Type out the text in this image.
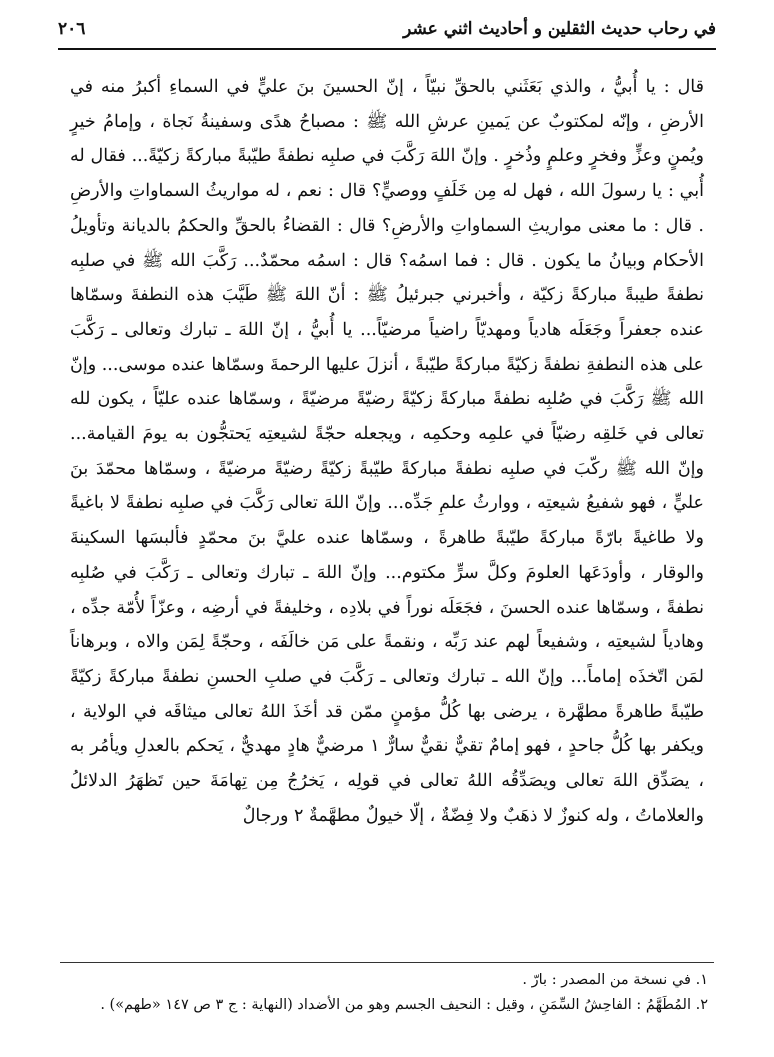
في رحاب حديث الثقلين و أحاديث اثني عشر
٢٠٦

قال : يا أُبيُّ ، والذي بَعَثَني بالحقِّ نبيّاً ، إنّ الحسينَ بنَ عليٍّ في السماءِ أكبرُ منه في الأرضِ ، وإنّه لمكتوبٌ عن يَمينِ عرشِ الله ﷺ : مصباحُ هدًى وسفينةُ نَجاة ، وإمامُ خيرٍ ويُمنٍ وعزٍّ وفخرٍ وعلمٍ وذُخرٍ . وإنّ اللهَ رَكَّبَ في صلبِه نطفةً طيّبةً مباركةً زكيّةً... فقال له أُبي : يا رسولَ الله ، فهل له مِن خَلَفٍ ووصيٍّ؟ قال : نعم ، له مواريثُ السماواتِ والأرضِ . قال : ما معنى مواريثِ السماواتِ والأرضِ؟ قال : القضاءُ بالحقِّ والحكمُ بالديانة وتأويلُ الأحكام وبيانُ ما يكون . قال : فما اسمُه؟ قال : اسمُه محمّدٌ... رَكَّبَ الله ﷺ في صلبِه نطفةً طيبةً مباركةً زكيّة ، وأخبرني جبرئيلُ ﷺ : أنّ اللهَ ﷺ طَيَّبَ هذه النطفةَ وسمّاها عنده جعفراً وجَعَلَه هادياً ومهديّاً راضياً مرضيّاً... يا أُبيُّ ، إنّ اللهَ ـ تبارك وتعالى ـ رَكَّبَ على هذه النطفةِ نطفةً زكيّةً مباركةً طيّبةً ، أنزلَ عليها الرحمةَ وسمّاها عنده موسى... وإنّ الله ﷺ رَكَّبَ في صُلبِه نطفةً مباركةً زكيّةً رضيّةً مرضيّةً ، وسمّاها عنده عليّاً ، يكون لله تعالى في خَلقِه رضيّاً في علمِه وحكمِه ، ويجعله حجّةً لشيعتِه يَحتجُّون به يومَ القيامة... وإنّ الله ﷺ ركّبَ في صلبِه نطفةً مباركةً طيّبةً زكيّةً رضيّةً مرضيّةً ، وسمّاها محمّدَ بنَ عليٍّ ، فهو شفيعُ شيعتِه ، ووارثُ علمِ جَدِّه... وإنّ اللهَ تعالى رَكَّبَ في صلبِه نطفةً لا باغيةً ولا طاغيةً بارّةً مباركةً طيّبةً طاهرةً ، وسمّاها عنده عليَّ بنَ محمّدٍ فألبسَها السكينةَ والوقار ، وأودَعَها العلومَ وكلَّ سرٍّ مكتوم... وإنّ اللهَ ـ تبارك وتعالى ـ رَكَّبَ في صُلبِه نطفةً ، وسمّاها عنده الحسنَ ، فجَعَلَه نوراً في بلادِه ، وخليفةً في أرضِه ، وعزّاً لأُمّة جدِّه ، وهادياً لشيعتِه ، وشفيعاً لهم عند رَبِّه ، ونقمةً على مَن خالَفَه ، وحجّةً لِمَن والاه ، وبرهاناً لمَن اتّخذَه إماماً... وإنّ الله ـ تبارك وتعالى ـ رَكَّبَ في صلبِ الحسنِ نطفةً مباركةً زكيّةً طيّبةً طاهرةً مطهَّرة ، يرضى بها كُلُّ مؤمنٍ ممّن قد أخَذَ اللهُ تعالى ميثاقَه في الولاية ، ويكفر بها كُلُّ جاحدٍ ، فهو إمامٌ تقيٌّ نقيٌّ سارٌّ ١ مرضيٌّ هادٍ مهديٌّ ، يَحكم بالعدلِ ويأمُر به ، يصَدِّق اللهَ تعالى ويصَدِّقُه اللهُ تعالى في قولِه ، يَخرُجُ مِن تِهامَةَ حين تَظهَرُ الدلائلُ والعلاماتُ ، وله كنوزٌ لا ذهَبٌ ولا فِضّةٌ ، إلّا خيولٌ مطهَّمةٌ ٢ ورجالٌ

١. في نسخة من المصدر : بارّ .
٢. المُطَهَّمُ : الفاحِشُ السِّمَنِ ، وقيل : النحيف الجسم وهو من الأضداد (النهاية : ج ٣ ص ١٤٧ «طهم») .
